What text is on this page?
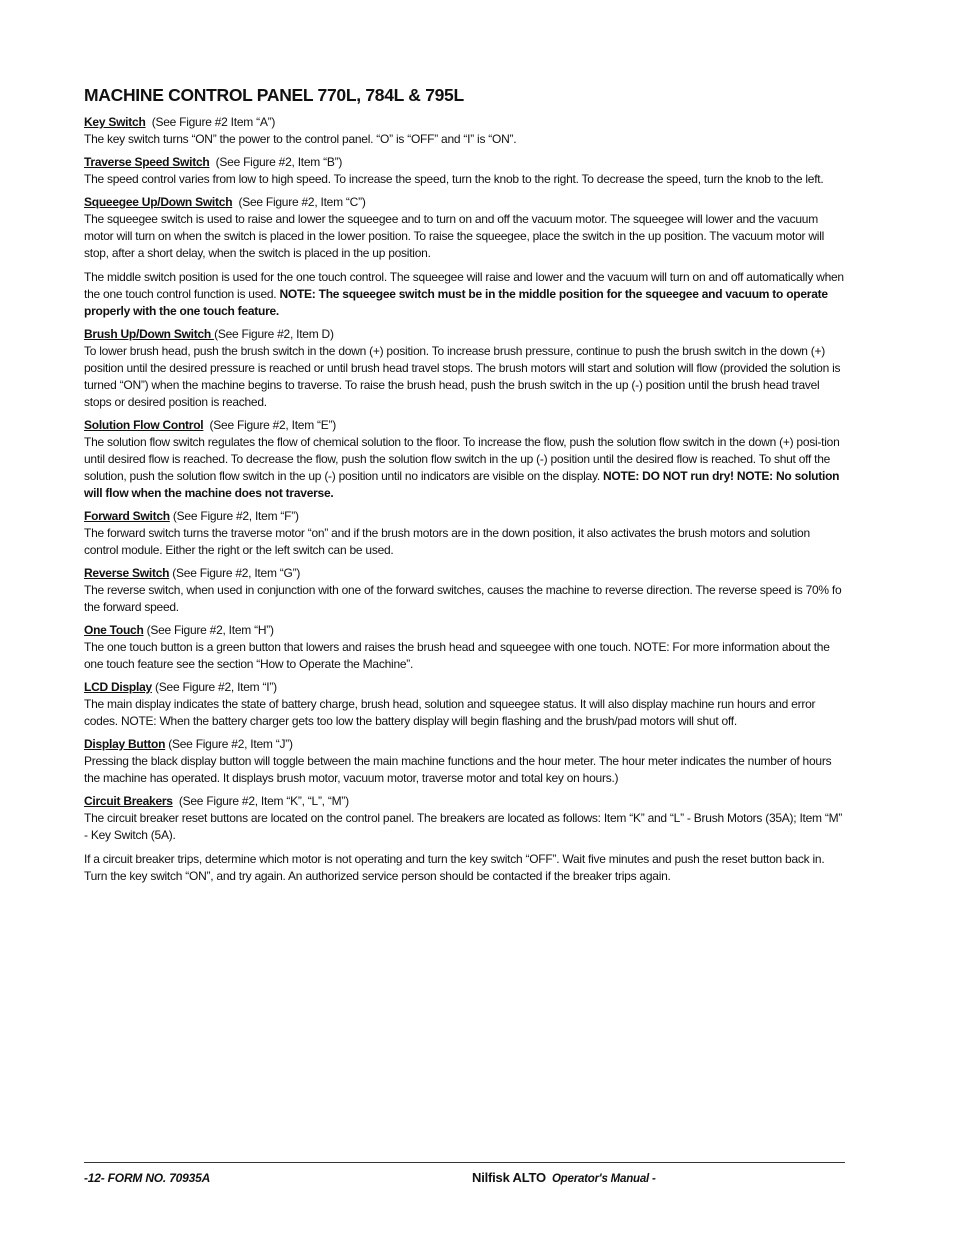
MACHINE CONTROL PANEL 770L, 784L & 795L
Key Switch  (See Figure #2 Item “A”)

The key switch turns “ON” the power to the control panel. “O” is “OFF” and “I” is “ON”.

Traverse Speed Switch  (See Figure #2, Item “B”)

The speed control varies from low to high speed. To increase the speed, turn the knob to the right. To decrease the speed, turn the knob to the left.

Squeegee Up/Down Switch  (See Figure #2, Item “C”)

The squeegee switch is used to raise and lower the squeegee and to turn on and off the vacuum motor. The squeegee will lower and the vacuum motor will turn on when the switch is placed in the lower position. To raise the squeegee, place the switch in the up position. The vacuum motor will stop, after a short delay, when the switch is placed in the up position.

The middle switch position is used for the one touch control. The squeegee will raise and lower and the vacuum will turn on and off automatically when the one touch control function is used. NOTE: The squeegee switch must be in the middle position for the squeegee and vacuum to operate properly with the one touch feature.

Brush Up/Down Switch (See Figure #2, Item D)

To lower brush head, push the brush switch in the down (+) position. To increase brush pressure, continue to push the brush switch in the down (+) position until the desired pressure is reached or until brush head travel stops. The brush motors will start and solution will flow (provided the solution is turned “ON”) when the machine begins to traverse. To raise the brush head, push the brush switch in the up (-) position until the brush head travel stops or desired position is reached.

Solution Flow Control  (See Figure #2, Item “E”)

The solution flow switch regulates the flow of chemical solution to the floor. To increase the flow, push the solution flow switch in the down (+) posi-tion until desired flow is reached. To decrease the flow, push the solution flow switch in the up (-) position until the desired flow is reached. To shut off the solution, push the solution flow switch in the up (-) position until no indicators are visible on the display. NOTE: DO NOT run dry! NOTE: No solution will flow when the machine does not traverse.

Forward Switch (See Figure #2, Item “F”)

The forward switch turns the traverse motor “on” and if the brush motors are in the down position, it also activates the brush motors and solution control module. Either the right or the left switch can be used.

Reverse Switch (See Figure #2, Item “G”)

The reverse switch, when used in conjunction with one of the forward switches, causes the machine to reverse direction. The reverse speed is 70% fo the forward speed.

One Touch (See Figure #2, Item “H”)

The one touch button is a green button that lowers and raises the brush head and squeegee with one touch. NOTE: For more information about the one touch feature see the section “How to Operate the Machine”.

LCD Display (See Figure #2, Item “I”)

The main display indicates the state of battery charge, brush head, solution and squeegee status. It will also display machine run hours and error codes. NOTE: When the battery charger gets too low the battery display will begin flashing and the brush/pad motors will shut off.

Display Button (See Figure #2, Item “J”)

Pressing the black display button will toggle between the main machine functions and the hour meter. The hour meter indicates the number of hours the machine has operated. It displays brush motor, vacuum motor, traverse motor and total key on hours.)

Circuit Breakers  (See Figure #2, Item “K”, “L”, “M”)

The circuit breaker reset buttons are located on the control panel. The breakers are located as follows: Item “K” and “L” - Brush Motors (35A); Item “M” - Key Switch (5A).

If a circuit breaker trips, determine which motor is not operating and turn the key switch “OFF”. Wait five minutes and push the reset button back in. Turn the key switch “ON”, and try again. An authorized service person should be contacted if the breaker trips again.

-12- FORM NO. 70935A	Nilfisk ALTO Operator's Manual -
